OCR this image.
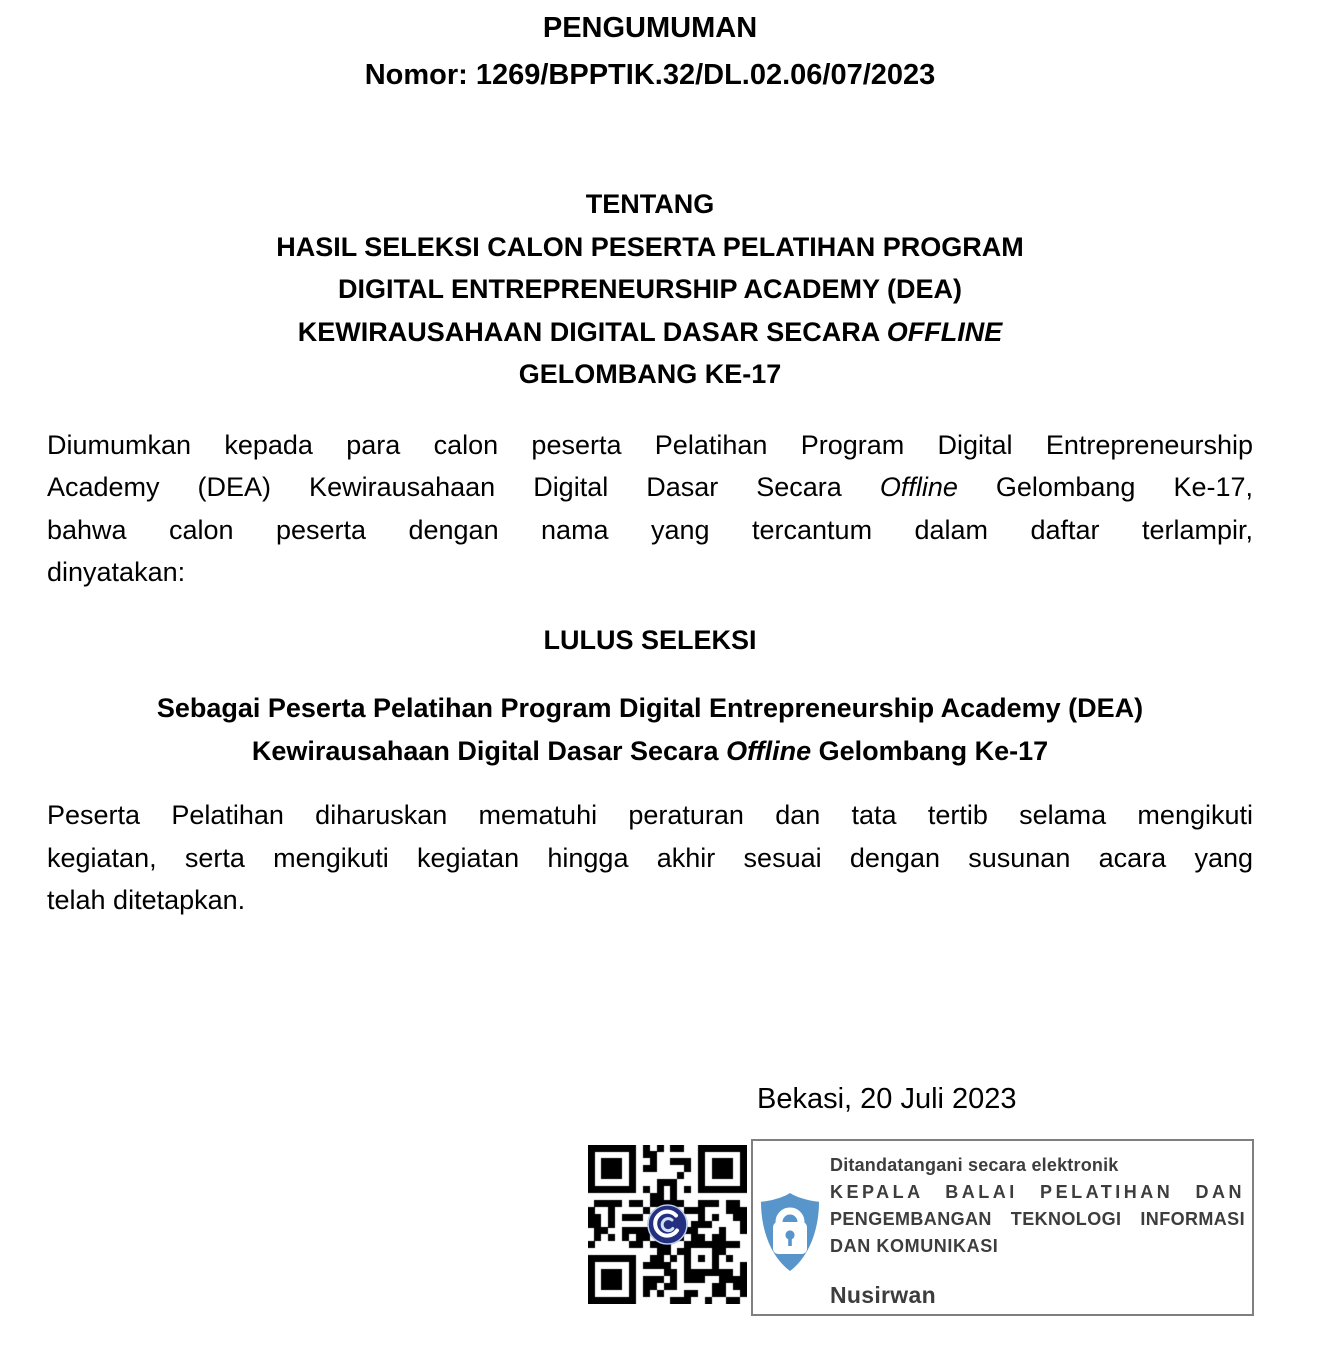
PENGUMUMAN
Nomor: 1269/BPPTIK.32/DL.02.06/07/2023
TENTANG
HASIL SELEKSI CALON PESERTA PELATIHAN PROGRAM
DIGITAL ENTREPRENEURSHIP ACADEMY (DEA)
KEWIRAUSAHAAN DIGITAL DASAR SECARA OFFLINE
GELOMBANG KE-17
Diumumkan kepada para calon peserta Pelatihan Program Digital Entrepreneurship
Academy (DEA) Kewirausahaan Digital Dasar Secara Offline Gelombang Ke-17,
bahwa calon peserta dengan nama yang tercantum dalam daftar terlampir,
dinyatakan:
LULUS SELEKSI
Sebagai Peserta Pelatihan Program Digital Entrepreneurship Academy (DEA)
Kewirausahaan Digital Dasar Secara Offline Gelombang Ke-17
Peserta Pelatihan diharuskan mematuhi peraturan dan tata tertib selama mengikuti
kegiatan, serta mengikuti kegiatan hingga akhir sesuai dengan susunan acara yang
telah ditetapkan.
Bekasi, 20 Juli 2023
Ditandatangani secara elektronik
KEPALA BALAI PELATIHAN DAN
PENGEMBANGAN TEKNOLOGI INFORMASI
DAN KOMUNIKASI
Nusirwan
